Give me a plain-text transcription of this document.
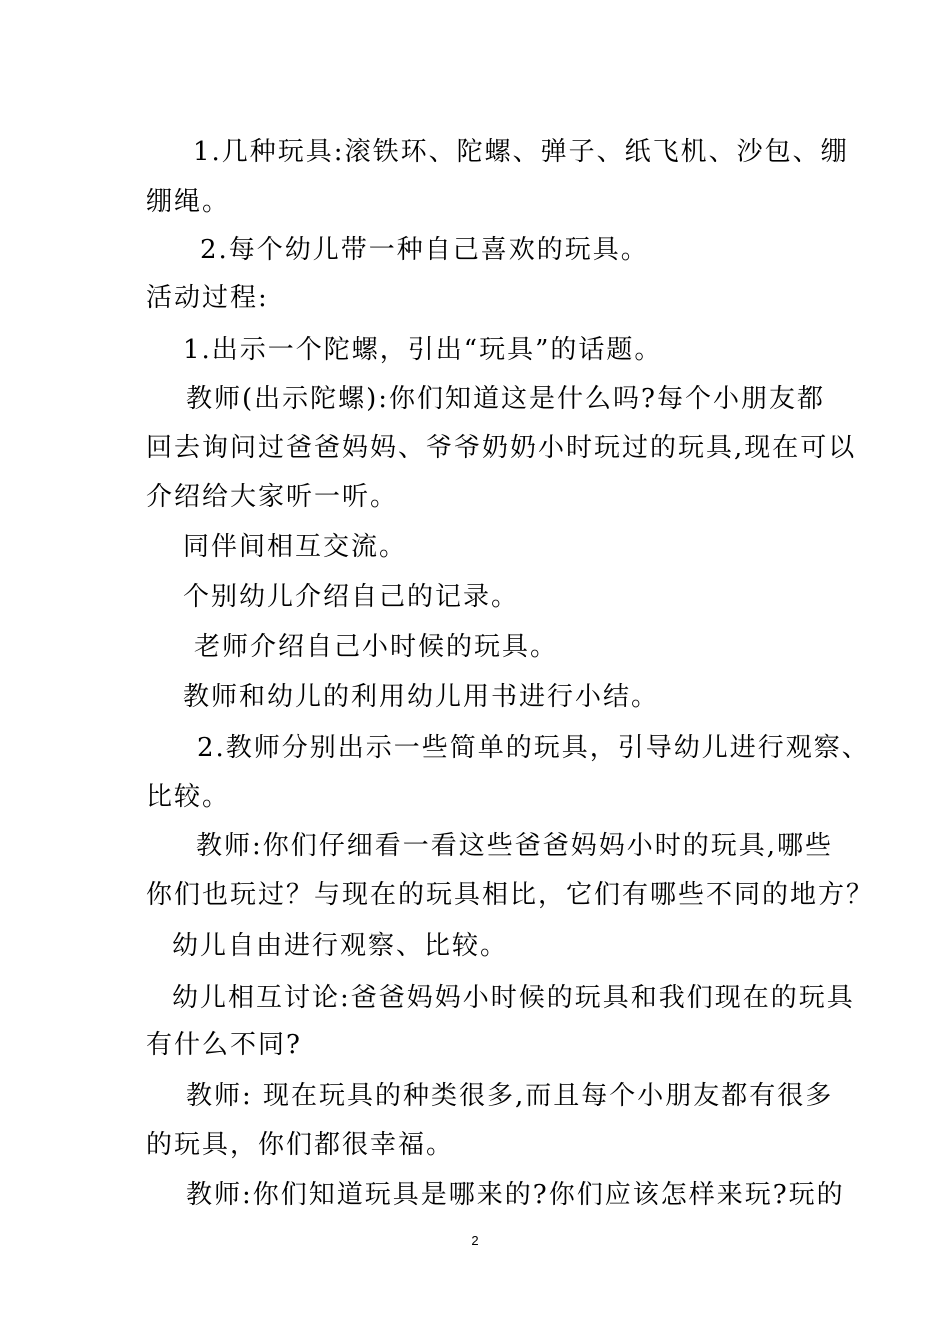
1.几种玩具:滚铁环、陀螺、弹子、纸飞机、沙包、绷
绷绳。
2.每个幼儿带一种自己喜欢的玩具。
活动过程:
1.出示一个陀螺，引出“玩具”的话题。
教师(出示陀螺):你们知道这是什么吗?每个小朋友都
回去询问过爸爸妈妈、爷爷奶奶小时玩过的玩具,现在可以
介绍给大家听一听。
同伴间相互交流。
个别幼儿介绍自己的记录。
老师介绍自己小时候的玩具。
教师和幼儿的利用幼儿用书进行小结。
2.教师分别出示一些简单的玩具，引导幼儿进行观察、
比较。
教师:你们仔细看一看这些爸爸妈妈小时的玩具,哪些
你们也玩过？与现在的玩具相比，它们有哪些不同的地方？
幼儿自由进行观察、比较。
幼儿相互讨论:爸爸妈妈小时候的玩具和我们现在的玩具
有什么不同?
教师: 现在玩具的种类很多,而且每个小朋友都有很多
的玩具，你们都很幸福。
教师:你们知道玩具是哪来的?你们应该怎样来玩?玩的
2
